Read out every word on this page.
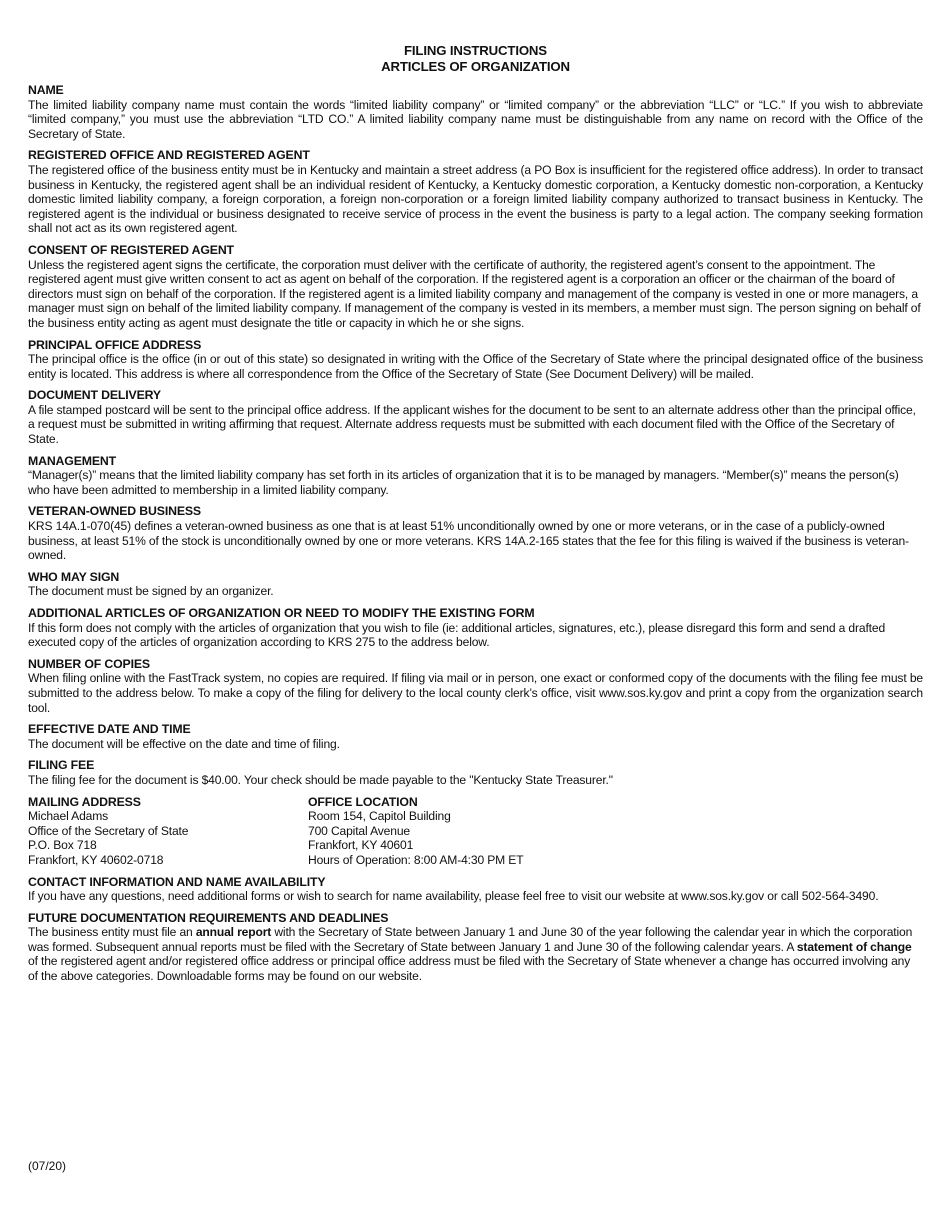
FILING INSTRUCTIONS
ARTICLES OF ORGANIZATION
NAME

The limited liability company name must contain the words “limited liability company” or “limited company” or the abbreviation “LLC” or “LC.” If you wish to abbreviate “limited company,” you must use the abbreviation “LTD CO.” A limited liability company name must be distinguishable from any name on record with the Office of the Secretary of State.

REGISTERED OFFICE AND REGISTERED AGENT

The registered office of the business entity must be in Kentucky and maintain a street address (a PO Box is insufficient for the registered office address). In order to transact business in Kentucky, the registered agent shall be an individual resident of Kentucky, a Kentucky domestic corporation, a Kentucky domestic non-corporation, a Kentucky domestic limited liability company, a foreign corporation, a foreign non-corporation or a foreign limited liability company authorized to transact business in Kentucky. The registered agent is the individual or business designated to receive service of process in the event the business is party to a legal action. The company seeking formation shall not act as its own registered agent.

CONSENT OF REGISTERED AGENT

Unless the registered agent signs the certificate, the corporation must deliver with the certificate of authority, the registered agent’s consent to the appointment. The registered agent must give written consent to act as agent on behalf of the corporation. If the registered agent is a corporation an officer or the chairman of the board of directors must sign on behalf of the corporation. If the registered agent is a limited liability company and management of the company is vested in one or more managers, a manager must sign on behalf of the limited liability company. If management of the company is vested in its members, a member must sign. The person signing on behalf of the business entity acting as agent must designate the title or capacity in which he or she signs.

PRINCIPAL OFFICE ADDRESS

The principal office is the office (in or out of this state) so designated in writing with the Office of the Secretary of State where the principal designated office of the business entity is located. This address is where all correspondence from the Office of the Secretary of State (See Document Delivery) will be mailed.

DOCUMENT DELIVERY

A file stamped postcard will be sent to the principal office address. If the applicant wishes for the document to be sent to an alternate address other than the principal office, a request must be submitted in writing affirming that request. Alternate address requests must be submitted with each document filed with the Office of the Secretary of State.

MANAGEMENT

“Manager(s)” means that the limited liability company has set forth in its articles of organization that it is to be managed by managers. “Member(s)” means the person(s) who have been admitted to membership in a limited liability company.

VETERAN-OWNED BUSINESS

KRS 14A.1-070(45) defines a veteran-owned business as one that is at least 51% unconditionally owned by one or more veterans, or in the case of a publicly-owned business, at least 51% of the stock is unconditionally owned by one or more veterans. KRS 14A.2-165 states that the fee for this filing is waived if the business is veteran-owned.

WHO MAY SIGN

The document must be signed by an organizer.

ADDITIONAL ARTICLES OF ORGANIZATION OR NEED TO MODIFY THE EXISTING FORM

If this form does not comply with the articles of organization that you wish to file (ie: additional articles, signatures, etc.), please disregard this form and send a drafted executed copy of the articles of organization according to KRS 275 to the address below.

NUMBER OF COPIES

When filing online with the FastTrack system, no copies are required. If filing via mail or in person, one exact or conformed copy of the documents with the filing fee must be submitted to the address below. To make a copy of the filing for delivery to the local county clerk’s office, visit www.sos.ky.gov and print a copy from the organization search tool.

EFFECTIVE DATE AND TIME

The document will be effective on the date and time of filing.

FILING FEE

The filing fee for the document is $40.00. Your check should be made payable to the "Kentucky State Treasurer."

MAILING ADDRESS
Michael Adams
Office of the Secretary of State
P.O. Box 718
Frankfort, KY 40602-0718
OFFICE LOCATION
Room 154, Capitol Building
700 Capital Avenue
Frankfort, KY 40601
Hours of Operation: 8:00 AM-4:30 PM ET
CONTACT INFORMATION AND NAME AVAILABILITY

If you have any questions, need additional forms or wish to search for name availability, please feel free to visit our website at www.sos.ky.gov or call 502-564-3490.

FUTURE DOCUMENTATION REQUIREMENTS AND DEADLINES

The business entity must file an annual report with the Secretary of State between January 1 and June 30 of the year following the calendar year in which the corporation was formed. Subsequent annual reports must be filed with the Secretary of State between January 1 and June 30 of the following calendar years. A statement of change of the registered agent and/or registered office address or principal office address must be filed with the Secretary of State whenever a change has occurred involving any of the above categories. Downloadable forms may be found on our website.

(07/20)
